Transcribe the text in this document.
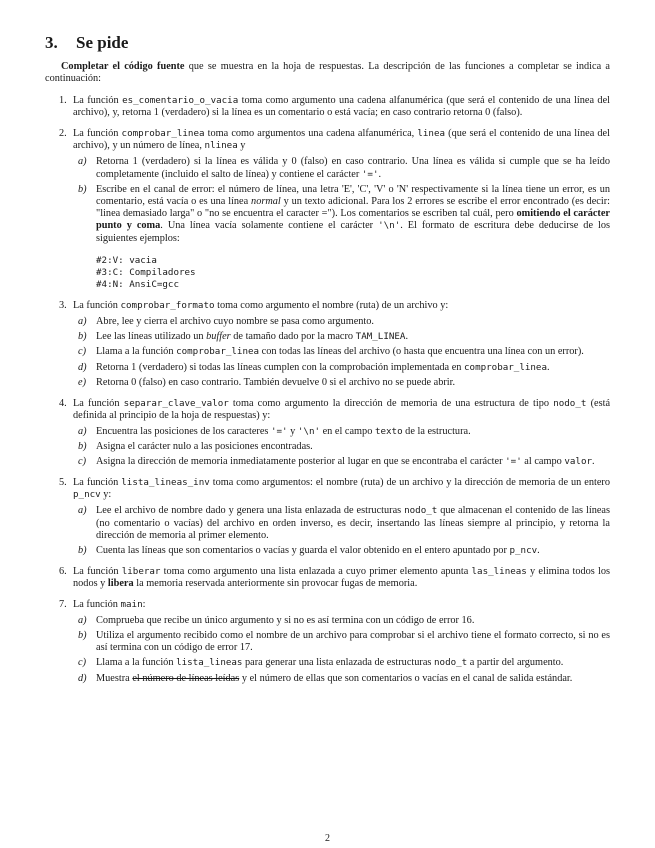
3. Se pide

Completar el código fuente que se muestra en la hoja de respuestas. La descripción de las funciones a completar se indica a continuación:

1. La función es_comentario_o_vacia toma como argumento una cadena alfanumérica (que será el contenido de una línea del archivo), y, retorna 1 (verdadero) si la línea es un comentario o está vacía; en caso contrario retorna 0 (falso).
2. La función comprobar_linea toma como argumentos una cadena alfanumérica, linea (que será el contenido de una línea del archivo), y un número de línea, nlinea y
a) Retorna 1 (verdadero) si la línea es válida y 0 (falso) en caso contrario. Una línea es válida si cumple que se ha leído completamente (incluido el salto de línea) y contiene el carácter '='.
b) Escribe en el canal de error: el número de línea, una letra 'E', 'C', 'V' o 'N' respectivamente si la línea tiene un error, es un comentario, está vacía o es una línea normal y un texto adicional. Para los 2 errores se escribe el error encontrado (es decir: "linea demasiado larga" o "no se encuentra el caracter ="). Los comentarios se escriben tal cuál, pero omitiendo el carácter punto y coma. Una línea vacía solamente contiene el carácter '\n'. El formato de escritura debe deducirse de los siguientes ejemplos:
#2:V: vacia
#3:C: Compiladores
#4:N: AnsiC=gcc
3. La función comprobar_formato toma como argumento el nombre (ruta) de un archivo y:
a) Abre, lee y cierra el archivo cuyo nombre se pasa como argumento.
b) Lee las líneas utilizado un buffer de tamaño dado por la macro TAM_LINEA.
c) Llama a la función comprobar_linea con todas las líneas del archivo (o hasta que encuentra una línea con un error).
d) Retorna 1 (verdadero) si todas las líneas cumplen con la comprobación implementada en comprobar_linea.
e) Retorna 0 (falso) en caso contrario. También devuelve 0 si el archivo no se puede abrir.
4. La función separar_clave_valor toma como argumento la dirección de memoria de una estructura de tipo nodo_t (está definida al principio de la hoja de respuestas) y:
a) Encuentra las posiciones de los caracteres '=' y '\n' en el campo texto de la estructura.
b) Asigna el carácter nulo a las posiciones encontradas.
c) Asigna la dirección de memoria inmediatamente posterior al lugar en que se encontraba el carácter '=' al campo valor.
5. La función lista_lineas_inv toma como argumentos: el nombre (ruta) de un archivo y la dirección de memoria de un entero p_ncv y:
a) Lee el archivo de nombre dado y genera una lista enlazada de estructuras nodo_t que almacenan el contenido de las líneas (no comentario o vacías) del archivo en orden inverso, es decir, insertando las líneas siempre al principio, y retorna la dirección de memoria al primer elemento.
b) Cuenta las líneas que son comentarios o vacías y guarda el valor obtenido en el entero apuntado por p_ncv.
6. La función liberar toma como argumento una lista enlazada a cuyo primer elemento apunta las_lineas y elimina todos los nodos y libera la memoria reservada anteriormente sin provocar fugas de memoria.
7. La función main:
a) Comprueba que recibe un único argumento y si no es así termina con un código de error 16.
b) Utiliza el argumento recibido como el nombre de un archivo para comprobar si el archivo tiene el formato correcto, si no es así termina con un código de error 17.
c) Llama a la función lista_lineas para generar una lista enlazada de estructuras nodo_t a partir del argumento.
d) Muestra el número de líneas leídas y el número de ellas que son comentarios o vacías en el canal de salida estándar.
2
